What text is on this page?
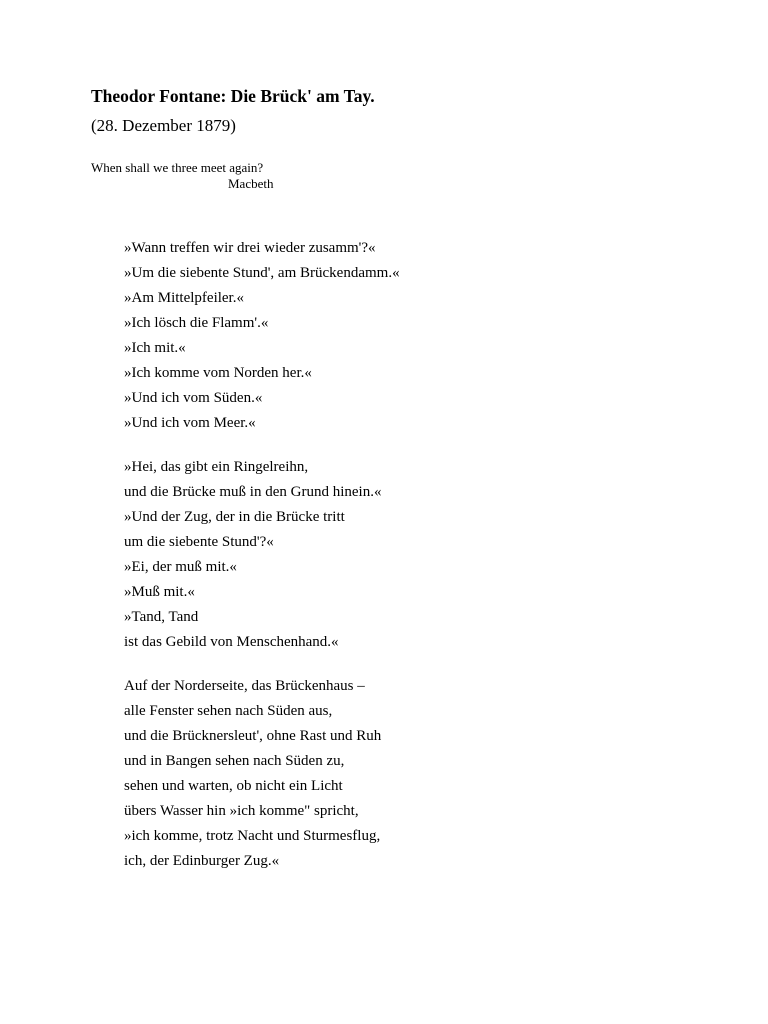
Theodor Fontane: Die Brück' am Tay.
(28. Dezember 1879)
When shall we three meet again?
Macbeth
»Wann treffen wir drei wieder zusamm'?«
»Um die siebente Stund', am Brückendamm.«
»Am Mittelpfeiler.«
»Ich lösch die Flamm'.«
»Ich mit.«
»Ich komme vom Norden her.«
»Und ich vom Süden.«
»Und ich vom Meer.«
»Hei, das gibt ein Ringelreihn,
und die Brücke muß in den Grund hinein.«
»Und der Zug, der in die Brücke tritt
um die siebente Stund'?«
»Ei, der muß mit.«
»Muß mit.«
»Tand, Tand
ist das Gebild von Menschenhand.«
Auf der Norderseite, das Brückenhaus –
alle Fenster sehen nach Süden aus,
und die Brücknersleut', ohne Rast und Ruh
und in Bangen sehen nach Süden zu,
sehen und warten, ob nicht ein Licht
übers Wasser hin »ich komme" spricht,
»ich komme, trotz Nacht und Sturmesflug,
ich, der Edinburger Zug.«
